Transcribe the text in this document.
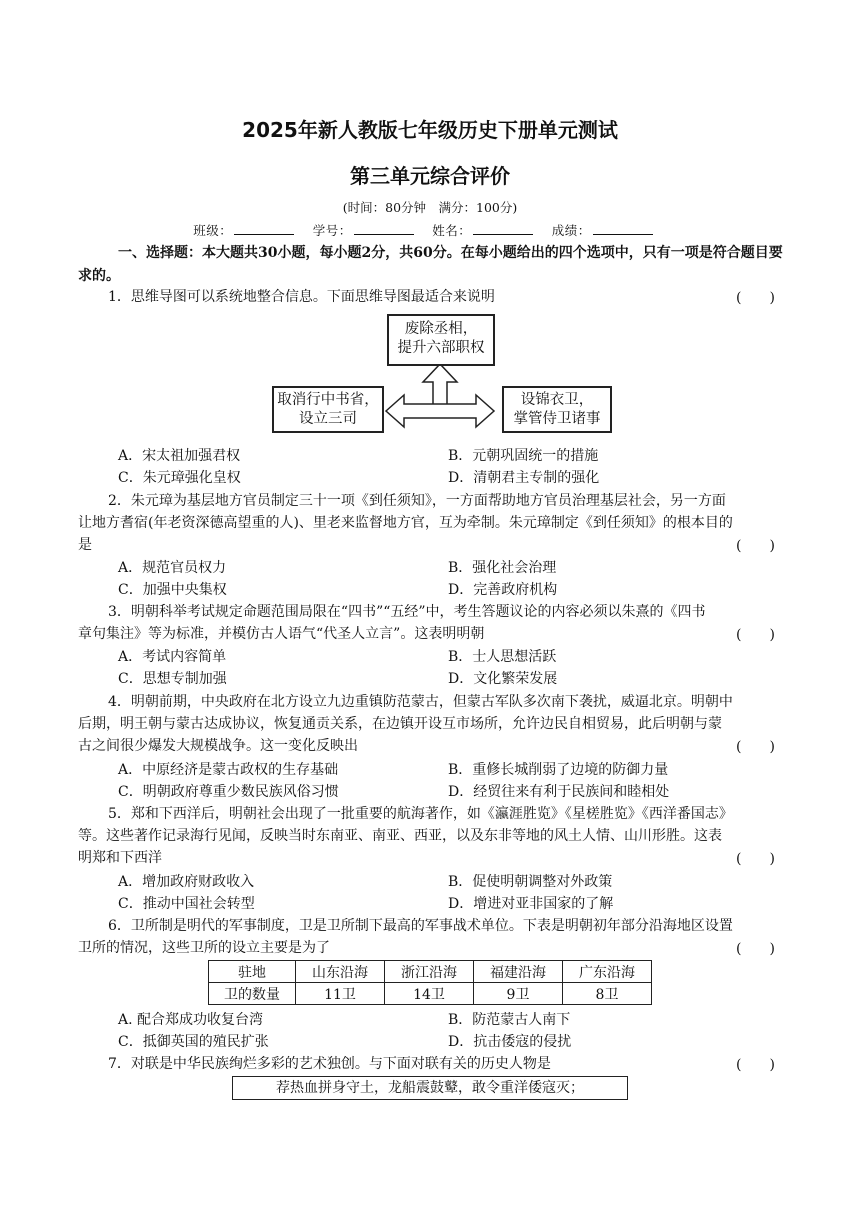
2025年新人教版七年级历史下册单元测试
第三单元综合评价
(时间：80分钟　满分：100分)
班级：	学号：	姓名：	成绩：
一、选择题：本大题共30小题，每小题2分，共60分。在每小题给出的四个选项中，只有一项是符合题目要求的。
1．思维导图可以系统地整合信息。下面思维导图最适合来说明	(　　)
废除丞相，
提升六部职权
取消行中书省，
设立三司
设锦衣卫，
掌管侍卫诸事
A．宋太祖加强君权	B．元朝巩固统一的措施
C．朱元璋强化皇权	D．清朝君主专制的强化
2．朱元璋为基层地方官员制定三十一项《到任须知》，一方面帮助地方官员治理基层社会，另一方面
让地方耆宿(年老资深德高望重的人)、里老来监督地方官，互为牵制。朱元璋制定《到任须知》的根本目的
是	(　　)
A．规范官员权力	B．强化社会治理
C．加强中央集权	D．完善政府机构
3．明朝科举考试规定命题范围局限在“四书”“五经”中，考生答题议论的内容必须以朱熹的《四书
章句集注》等为标准，并模仿古人语气“代圣人立言”。这表明明朝	(　　)
A．考试内容简单	B．士人思想活跃
C．思想专制加强	D．文化繁荣发展
4．明朝前期，中央政府在北方设立九边重镇防范蒙古，但蒙古军队多次南下袭扰，威逼北京。明朝中
后期，明王朝与蒙古达成协议，恢复通贡关系，在边镇开设互市场所，允许边民自相贸易，此后明朝与蒙
古之间很少爆发大规模战争。这一变化反映出	(　　)
A．中原经济是蒙古政权的生存基础	B．重修长城削弱了边境的防御力量
C．明朝政府尊重少数民族风俗习惯	D．经贸往来有利于民族间和睦相处
5．郑和下西洋后，明朝社会出现了一批重要的航海著作，如《瀛涯胜览》《星槎胜览》《西洋番国志》
等。这些著作记录海行见闻，反映当时东南亚、南亚、西亚，以及东非等地的风土人情、山川形胜。这表
明郑和下西洋	(　　)
A．增加政府财政收入	B．促使明朝调整对外政策
C．推动中国社会转型	D．增进对亚非国家的了解
6．卫所制是明代的军事制度，卫是卫所制下最高的军事战术单位。下表是明朝初年部分沿海地区设置
卫所的情况，这些卫所的设立主要是为了	(　　)
驻地	山东沿海	浙江沿海	福建沿海	广东沿海
卫的数量	11卫	14卫	9卫	8卫
A. 配合郑成功收复台湾	B．防范蒙古人南下
C．抵御英国的殖民扩张	D．抗击倭寇的侵扰
7．对联是中华民族绚烂多彩的艺术独创。与下面对联有关的历史人物是	(　　)
荐热血拼身守土，龙船震鼓鼙，敢令重洋倭寇灭；
